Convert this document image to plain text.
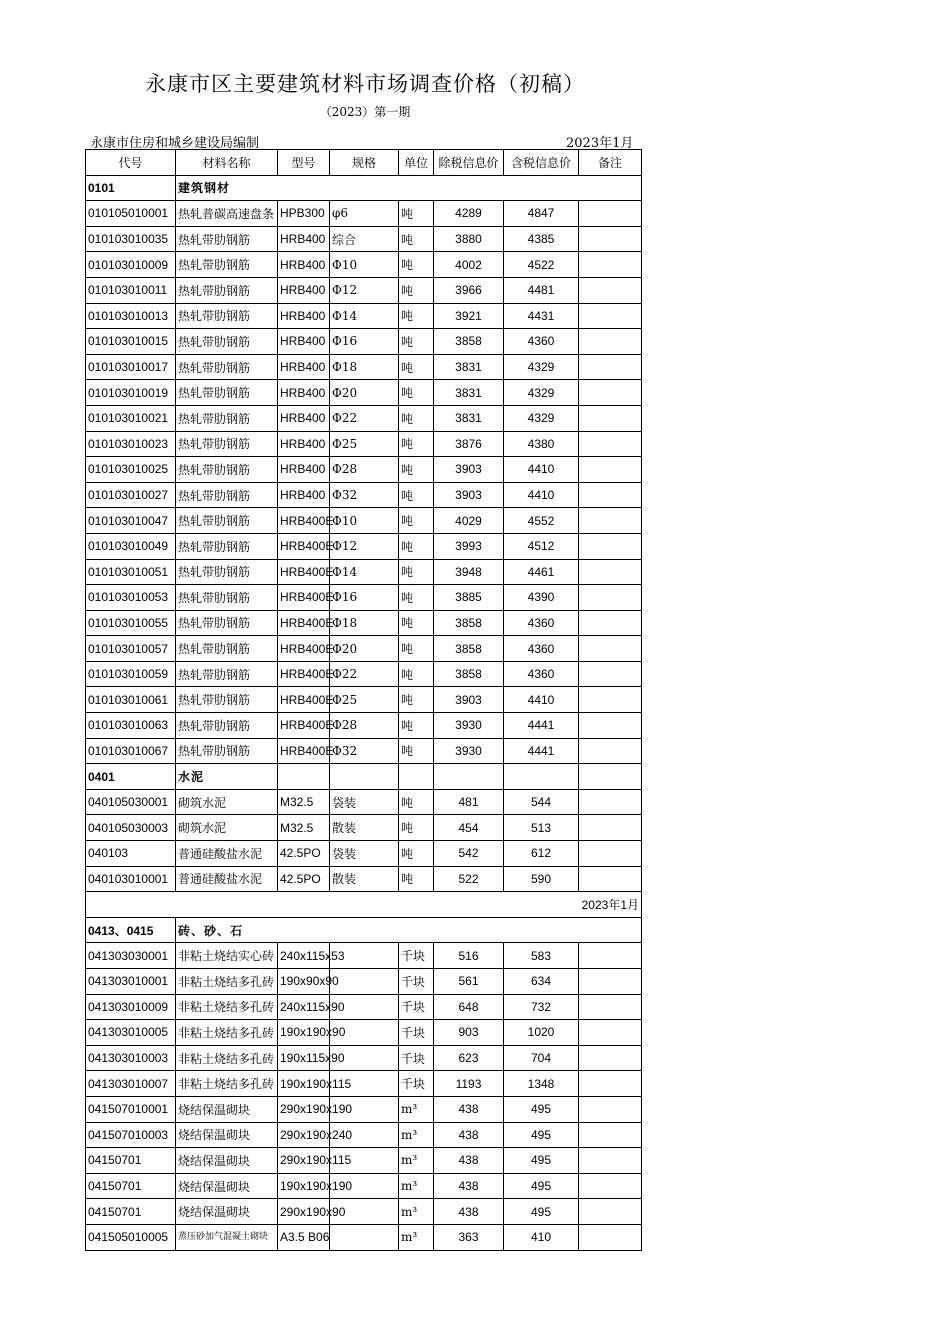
永康市区主要建筑材料市场调查价格（初稿）
（2023）第一期
永康市住房和城乡建设局编制	2023年1月
代号	材料名称	型号	规格	单位	除税信息价	含税信息价	备注
0101	建筑钢材						
010105010001	热轧普碳高速盘条	HPB300	φ6	吨	4289	4847	
010103010035	热轧带肋钢筋	HRB400	综合	吨	3880	4385	
010103010009	热轧带肋钢筋	HRB400	Φ10	吨	4002	4522	
010103010011	热轧带肋钢筋	HRB400	Φ12	吨	3966	4481	
010103010013	热轧带肋钢筋	HRB400	Φ14	吨	3921	4431	
010103010015	热轧带肋钢筋	HRB400	Φ16	吨	3858	4360	
010103010017	热轧带肋钢筋	HRB400	Φ18	吨	3831	4329	
010103010019	热轧带肋钢筋	HRB400	Φ20	吨	3831	4329	
010103010021	热轧带肋钢筋	HRB400	Φ22	吨	3831	4329	
010103010023	热轧带肋钢筋	HRB400	Φ25	吨	3876	4380	
010103010025	热轧带肋钢筋	HRB400	Φ28	吨	3903	4410	
010103010027	热轧带肋钢筋	HRB400	Φ32	吨	3903	4410	
010103010047	热轧带肋钢筋	HRB400E	Φ10	吨	4029	4552	
010103010049	热轧带肋钢筋	HRB400E	Φ12	吨	3993	4512	
010103010051	热轧带肋钢筋	HRB400E	Φ14	吨	3948	4461	
010103010053	热轧带肋钢筋	HRB400E	Φ16	吨	3885	4390	
010103010055	热轧带肋钢筋	HRB400E	Φ18	吨	3858	4360	
010103010057	热轧带肋钢筋	HRB400E	Φ20	吨	3858	4360	
010103010059	热轧带肋钢筋	HRB400E	Φ22	吨	3858	4360	
010103010061	热轧带肋钢筋	HRB400E	Φ25	吨	3903	4410	
010103010063	热轧带肋钢筋	HRB400E	Φ28	吨	3930	4441	
010103010067	热轧带肋钢筋	HRB400E	Φ32	吨	3930	4441	
0401	水泥						
040105030001	砌筑水泥	M32.5	袋装	吨	481	544	
040105030003	砌筑水泥	M32.5	散装	吨	454	513	
040103	普通硅酸盐水泥	42.5PO	袋装	吨	542	612	
040103010001	普通硅酸盐水泥	42.5PO	散装	吨	522	590	
2023年1月							
0413、0415	砖、砂、石						
041303030001	非粘土烧结实心砖	240x115x53		千块	516	583	
041303010001	非粘土烧结多孔砖	190x90x90		千块	561	634	
041303010009	非粘土烧结多孔砖	240x115x90		千块	648	732	
041303010005	非粘土烧结多孔砖	190x190x90		千块	903	1020	
041303010003	非粘土烧结多孔砖	190x115x90		千块	623	704	
041303010007	非粘土烧结多孔砖	190x190x115		千块	1193	1348	
041507010001	烧结保温砌块	290x190x190		m³	438	495	
041507010003	烧结保温砌块	290x190x240		m³	438	495	
04150701	烧结保温砌块	290x190x115		m³	438	495	
04150701	烧结保温砌块	190x190x190		m³	438	495	
04150701	烧结保温砌块	290x190x90		m³	438	495	
041505010005	蒸压砂加气混凝土砌块	A3.5 B06		m³	363	410	
